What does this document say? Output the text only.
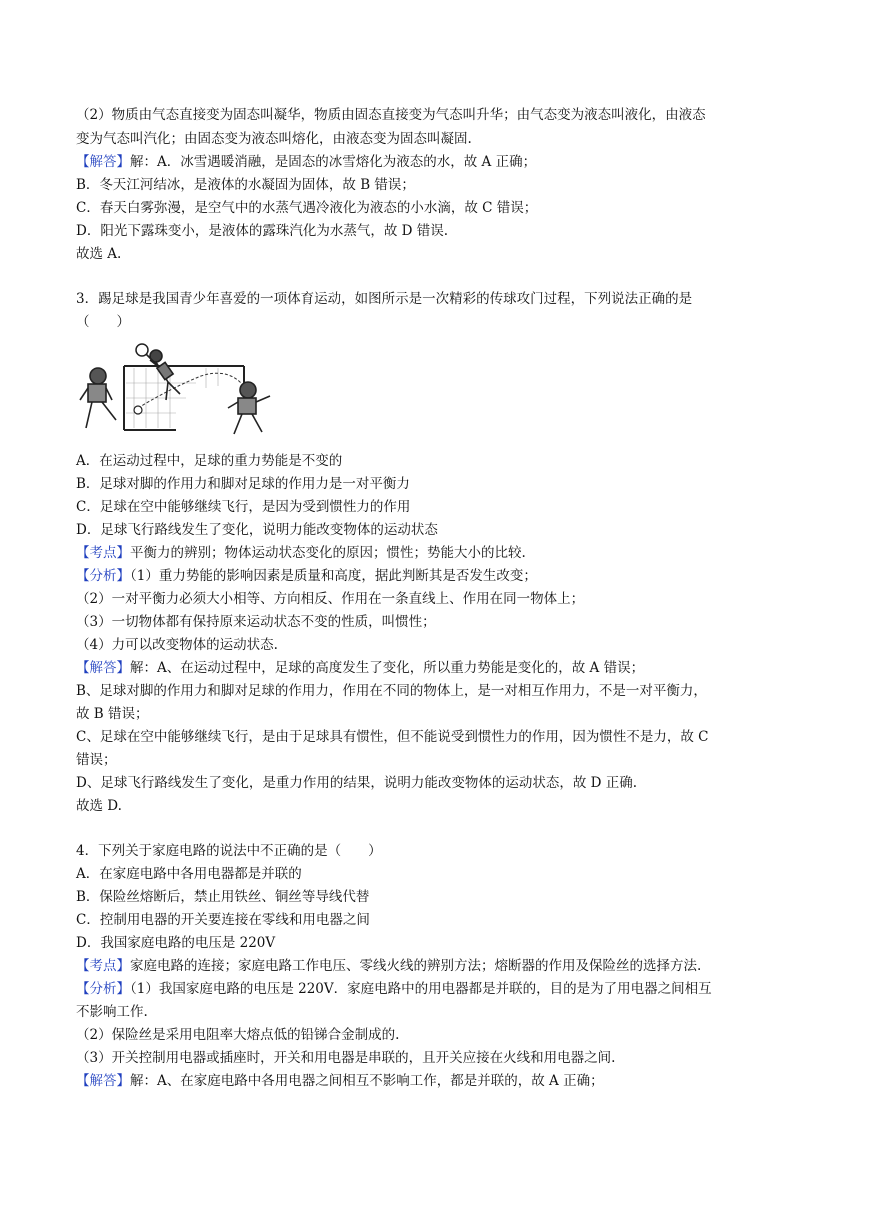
（2）物质由气态直接变为固态叫凝华，物质由固态直接变为气态叫升华；由气态变为液态叫液化，由液态
变为气态叫汽化；由固态变为液态叫熔化，由液态变为固态叫凝固.
【解答】解：A．冰雪遇暖消融，是固态的冰雪熔化为液态的水，故 A 正确；
B．冬天江河结冰，是液体的水凝固为固体，故 B 错误；
C．春天白雾弥漫，是空气中的水蒸气遇冷液化为液态的小水滴，故 C 错误；
D．阳光下露珠变小，是液体的露珠汽化为水蒸气，故 D 错误.
故选 A.
3．踢足球是我国青少年喜爱的一项体育运动，如图所示是一次精彩的传球攻门过程，下列说法正确的是
（　　）
A．在运动过程中，足球的重力势能是不变的
B．足球对脚的作用力和脚对足球的作用力是一对平衡力
C．足球在空中能够继续飞行，是因为受到惯性力的作用
D．足球飞行路线发生了变化，说明力能改变物体的运动状态
【考点】平衡力的辨别；物体运动状态变化的原因；惯性；势能大小的比较.
【分析】（1）重力势能的影响因素是质量和高度，据此判断其是否发生改变；
（2）一对平衡力必须大小相等、方向相反、作用在一条直线上、作用在同一物体上；
（3）一切物体都有保持原来运动状态不变的性质，叫惯性；
（4）力可以改变物体的运动状态.
【解答】解：A、在运动过程中，足球的高度发生了变化，所以重力势能是变化的，故 A 错误；
B、足球对脚的作用力和脚对足球的作用力，作用在不同的物体上，是一对相互作用力，不是一对平衡力，
故 B 错误；
C、足球在空中能够继续飞行，是由于足球具有惯性，但不能说受到惯性力的作用，因为惯性不是力，故 C
错误；
D、足球飞行路线发生了变化，是重力作用的结果，说明力能改变物体的运动状态，故 D 正确.
故选 D.
4．下列关于家庭电路的说法中不正确的是（　　）
A．在家庭电路中各用电器都是并联的
B．保险丝熔断后，禁止用铁丝、铜丝等导线代替
C．控制用电器的开关要连接在零线和用电器之间
D．我国家庭电路的电压是 220V
【考点】家庭电路的连接；家庭电路工作电压、零线火线的辨别方法；熔断器的作用及保险丝的选择方法.
【分析】（1）我国家庭电路的电压是 220V．家庭电路中的用电器都是并联的，目的是为了用电器之间相互
不影响工作.
（2）保险丝是采用电阻率大熔点低的铅锑合金制成的.
（3）开关控制用电器或插座时，开关和用电器是串联的，且开关应接在火线和用电器之间.
【解答】解：A、在家庭电路中各用电器之间相互不影响工作，都是并联的，故 A 正确；
